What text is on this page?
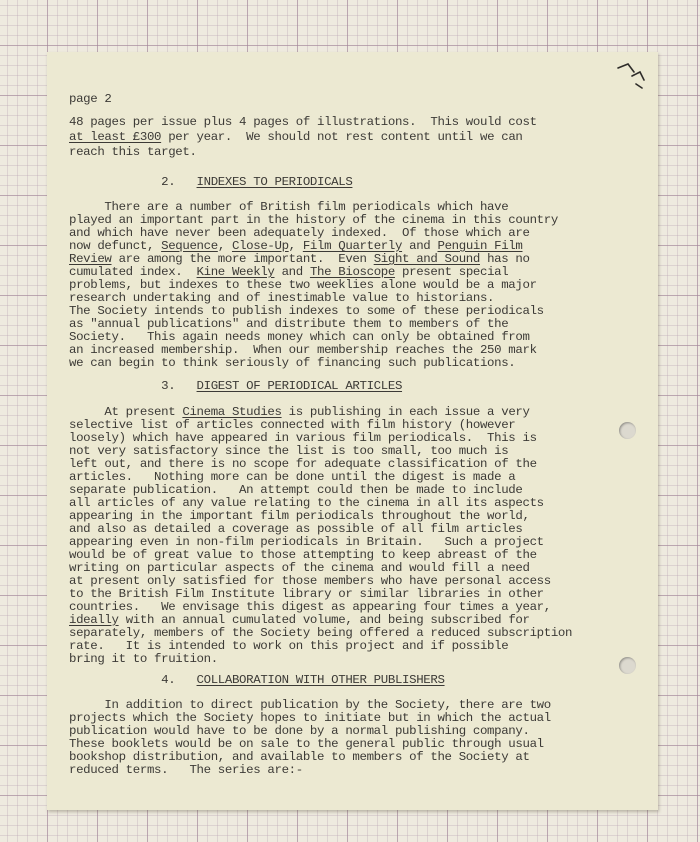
page 2
48 pages per issue plus 4 pages of illustrations.  This would cost
at least £300 per year.  We should not rest content until we can
reach this target.
2.   INDEXES TO PERIODICALS
There are a number of British film periodicals which have
played an important part in the history of the cinema in this country
and which have never been adequately indexed.  Of those which are
now defunct, Sequence, Close-Up, Film Quarterly and Penguin Film
Review are among the more important.  Even Sight and Sound has no
cumulated index.  Kine Weekly and The Bioscope present special
problems, but indexes to these two weeklies alone would be a major
research undertaking and of inestimable value to historians.
The Society intends to publish indexes to some of these periodicals
as "annual publications" and distribute them to members of the
Society.   This again needs money which can only be obtained from
an increased membership.  When our membership reaches the 250 mark
we can begin to think seriously of financing such publications.
3.   DIGEST OF PERIODICAL ARTICLES
At present Cinema Studies is publishing in each issue a very
selective list of articles connected with film history (however
loosely) which have appeared in various film periodicals.  This is
not very satisfactory since the list is too small, too much is
left out, and there is no scope for adequate classification of the
articles.   Nothing more can be done until the digest is made a
separate publication.   An attempt could then be made to include
all articles of any value relating to the cinema in all its aspects
appearing in the important film periodicals throughout the world,
and also as detailed a coverage as possible of all film articles
appearing even in non-film periodicals in Britain.   Such a project
would be of great value to those attempting to keep abreast of the
writing on particular aspects of the cinema and would fill a need
at present only satisfied for those members who have personal access
to the British Film Institute library or similar libraries in other
countries.   We envisage this digest as appearing four times a year,
ideally with an annual cumulated volume, and being subscribed for
separately, members of the Society being offered a reduced subscription
rate.   It is intended to work on this project and if possible
bring it to fruition.
4.   COLLABORATION WITH OTHER PUBLISHERS
In addition to direct publication by the Society, there are two
projects which the Society hopes to initiate but in which the actual
publication would have to be done by a normal publishing company.
These booklets would be on sale to the general public through usual
bookshop distribution, and available to members of the Society at
reduced terms.   The series are:-
